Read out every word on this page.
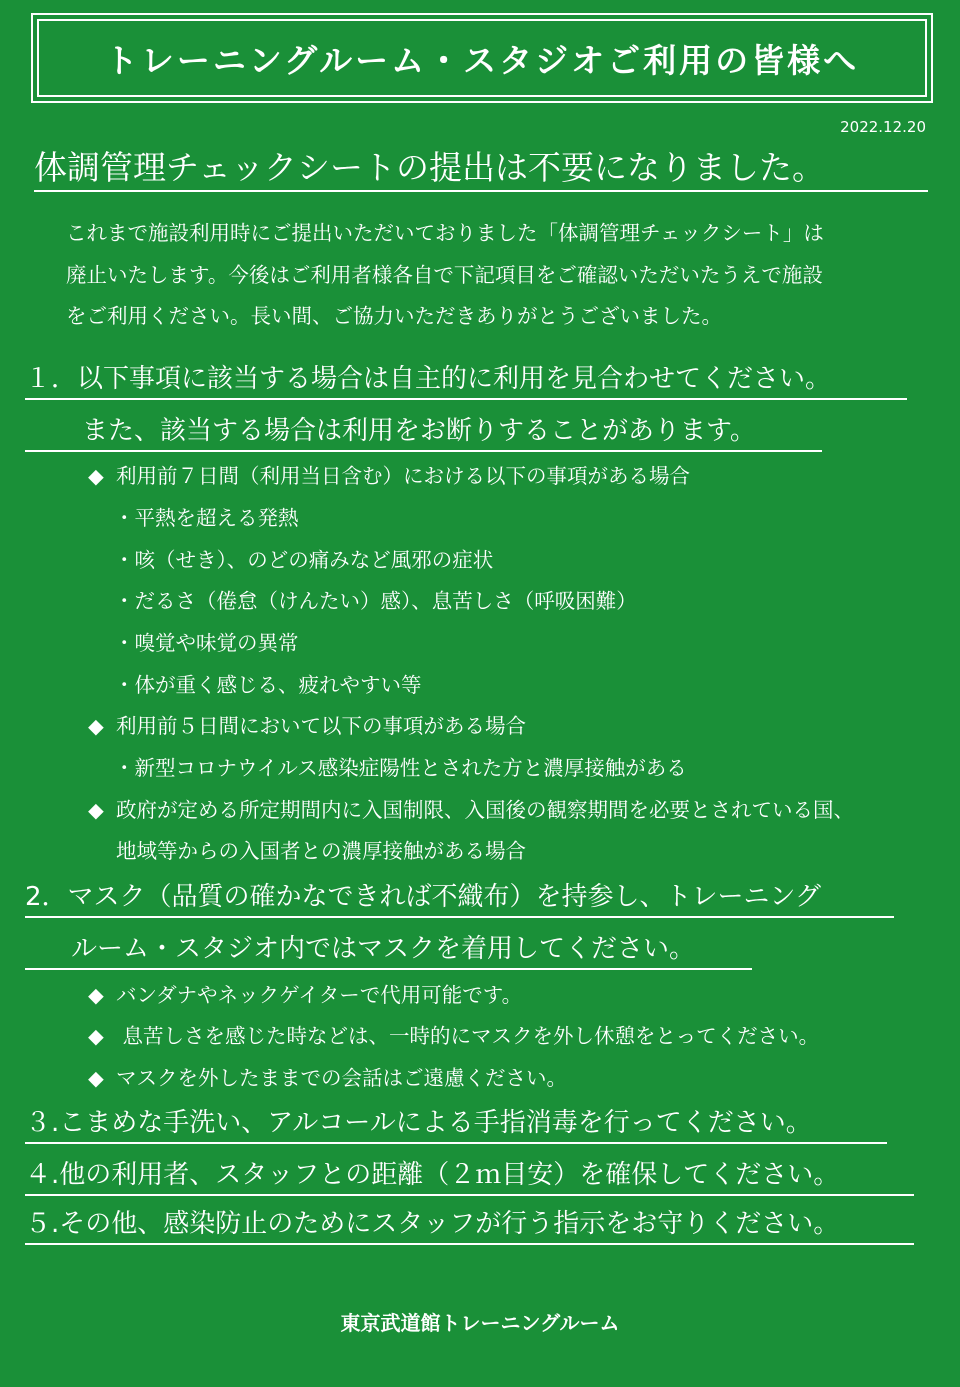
トレーニングルーム・スタジオご利用の皆様へ
2022.12.20
体調管理チェックシートの提出は不要になりました。
これまで施設利用時にご提出いただいておりました「体調管理チェックシート」は
廃止いたします。今後はご利用者様各自で下記項目をご確認いただいたうえで施設
をご利用ください。長い間、ご協力いただきありがとうございました。
１．以下事項に該当する場合は自主的に利用を見合わせてください。
また、該当する場合は利用をお断りすることがあります。
◆ 利用前７日間（利用当日含む）における以下の事項がある場合
・平熱を超える発熱
・咳（せき）、のどの痛みなど風邪の症状
・だるさ（倦怠（けんたい）感）、息苦しさ（呼吸困難）
・嗅覚や味覚の異常
・体が重く感じる、疲れやすい等
◆ 利用前５日間において以下の事項がある場合
・新型コロナウイルス感染症陽性とされた方と濃厚接触がある
◆ 政府が定める所定期間内に入国制限、入国後の観察期間を必要とされている国、
地域等からの入国者との濃厚接触がある場合
2．マスク（品質の確かなできれば不織布）を持参し、トレーニング
ルーム・スタジオ内ではマスクを着用してください。
◆ バンダナやネックゲイターで代用可能です。
◆ 息苦しさを感じた時などは、一時的にマスクを外し休憩をとってください。
◆ マスクを外したままでの会話はご遠慮ください。
３.こまめな手洗い、アルコールによる手指消毒を行ってください。
４.他の利用者、スタッフとの距離（２ｍ目安）を確保してください。
５.その他、感染防止のためにスタッフが行う指示をお守りください。
東京武道館トレーニングルーム
